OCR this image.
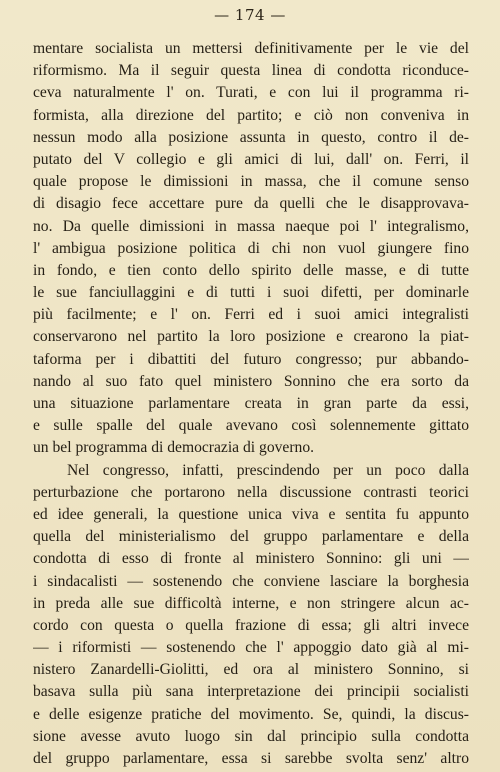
— 174 —
mentare socialista un mettersi definitivamente per le vie del
riformismo. Ma il seguir questa linea di condotta riconduce-
ceva naturalmente l' on. Turati, e con lui il programma ri-
formista, alla direzione del partito; e ciò non conveniva in
nessun modo alla posizione assunta in questo, contro il de-
putato del V collegio e gli amici di lui, dall' on. Ferri, il
quale propose le dimissioni in massa, che il comune senso
di disagio fece accettare pure da quelli che le disapprovava-
no. Da quelle dimissioni in massa naeque poi l' integralismo,
l' ambigua posizione politica di chi non vuol giungere fino
in fondo, e tien conto dello spirito delle masse, e di tutte
le sue fanciullaggini e di tutti i suoi difetti, per dominarle
più facilmente; e l' on. Ferri ed i suoi amici integralisti
conservarono nel partito la loro posizione e crearono la piat-
taforma per i dibattiti del futuro congresso; pur abbando-
nando al suo fato quel ministero Sonnino che era sorto da
una situazione parlamentare creata in gran parte da essi,
e sulle spalle del quale avevano così solennemente gittato
un bel programma di democrazia di governo.
Nel congresso, infatti, prescindendo per un poco dalla
perturbazione che portarono nella discussione contrasti teorici
ed idee generali, la questione unica viva e sentita fu appunto
quella del ministerialismo del gruppo parlamentare e della
condotta di esso di fronte al ministero Sonnino: gli uni —
i sindacalisti — sostenendo che conviene lasciare la borghesia
in preda alle sue difficoltà interne, e non stringere alcun ac-
cordo con questa o quella frazione di essa; gli altri invece
— i riformisti — sostenendo che l' appoggio dato già al mi-
nistero Zanardelli-Giolitti, ed ora al ministero Sonnino, si
basava sulla più sana interpretazione dei principii socialisti
e delle esigenze pratiche del movimento. Se, quindi, la discus-
sione avesse avuto luogo sin dal principio sulla condotta
del gruppo parlamentare, essa si sarebbe svolta senz' altro
